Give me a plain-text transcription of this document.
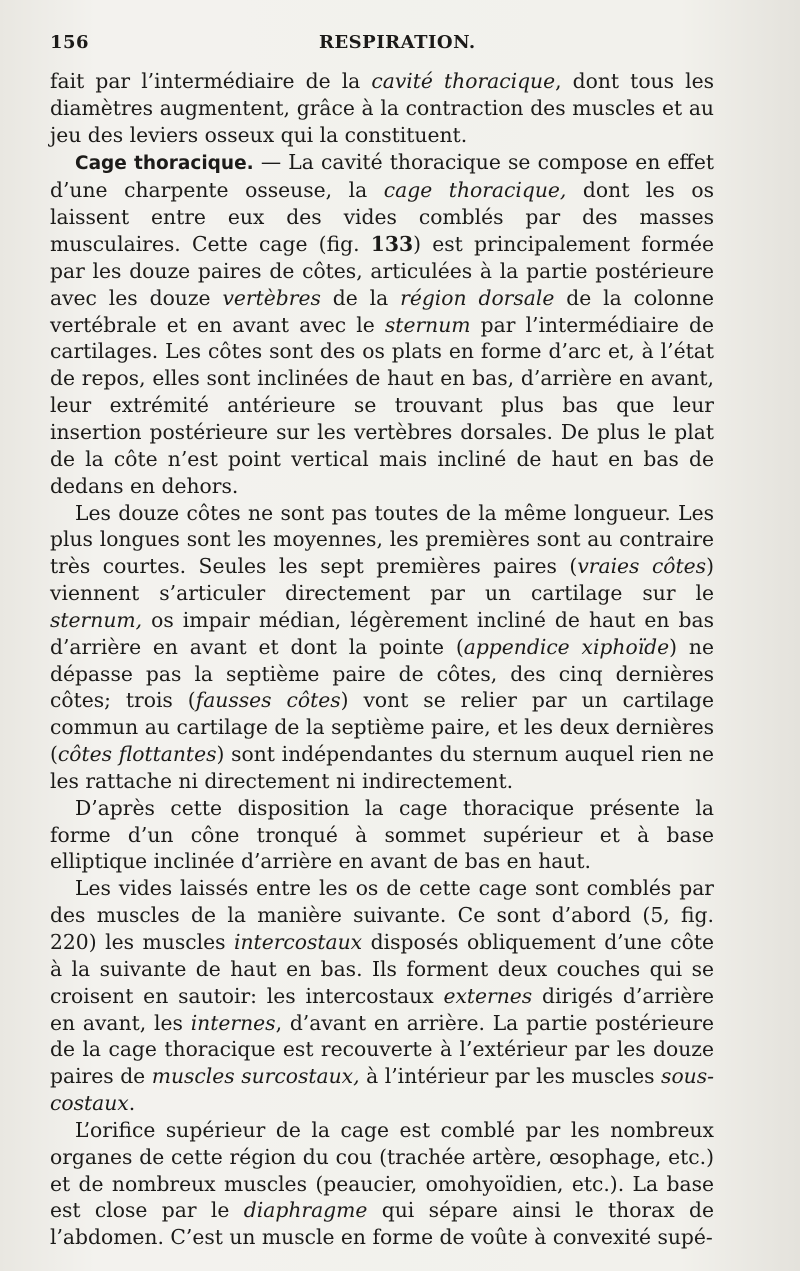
156	RESPIRATION.

fait par l’intermédiaire de la cavité thoracique, dont tous les diamètres augmentent, grâce à la contraction des muscles et au jeu des leviers osseux qui la constituent.

Cage thoracique. — La cavité thoracique se compose en effet d’une charpente osseuse, la cage thoracique, dont les os laissent entre eux des vides comblés par des masses musculaires. Cette cage (fig. 133) est principalement formée par les douze paires de côtes, articulées à la partie postérieure avec les douze vertèbres de la région dorsale de la colonne vertébrale et en avant avec le sternum par l’intermédiaire de cartilages. Les côtes sont des os plats en forme d’arc et, à l’état de repos, elles sont inclinées de haut en bas, d’arrière en avant, leur extrémité antérieure se trouvant plus bas que leur insertion postérieure sur les vertèbres dorsales. De plus le plat de la côte n’est point vertical mais incliné de haut en bas de dedans en dehors.

Les douze côtes ne sont pas toutes de la même longueur. Les plus longues sont les moyennes, les premières sont au contraire très courtes. Seules les sept premières paires (vraies côtes) viennent s’articuler directement par un cartilage sur le sternum, os impair médian, légèrement incliné de haut en bas d’arrière en avant et dont la pointe (appendice xiphoïde) ne dépasse pas la septième paire de côtes, des cinq dernières côtes; trois (fausses côtes) vont se relier par un cartilage commun au cartilage de la septième paire, et les deux dernières (côtes flottantes) sont indépendantes du sternum auquel rien ne les rattache ni directement ni indirectement.

D’après cette disposition la cage thoracique présente la forme d’un cône tronqué à sommet supérieur et à base elliptique inclinée d’arrière en avant de bas en haut.

Les vides laissés entre les os de cette cage sont comblés par des muscles de la manière suivante. Ce sont d’abord (5, fig. 220) les muscles intercostaux disposés obliquement d’une côte à la suivante de haut en bas. Ils forment deux couches qui se croisent en sautoir: les intercostaux externes dirigés d’arrière en avant, les internes, d’avant en arrière. La partie postérieure de la cage thoracique est recouverte à l’extérieur par les douze paires de muscles surcostaux, à l’intérieur par les muscles sous-costaux.

L’orifice supérieur de la cage est comblé par les nombreux organes de cette région du cou (trachée artère, œsophage, etc.) et de nombreux muscles (peaucier, omohyoïdien, etc.). La base est close par le diaphragme qui sépare ainsi le thorax de l’abdomen. C’est un muscle en forme de voûte à convexité supé-
